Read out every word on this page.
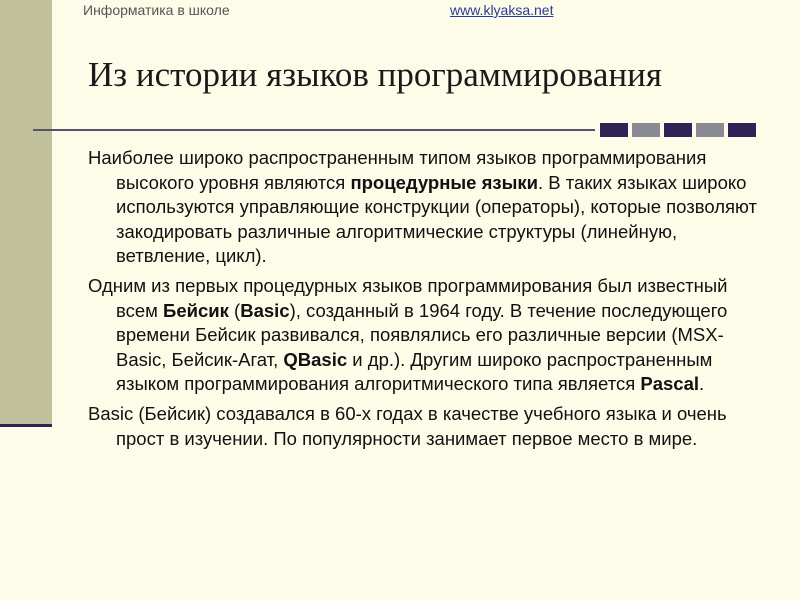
Информатика в школе	www.klyaksa.net
Из истории языков программирования

Наиболее широко распространенным типом языков программирования высокого уровня являются процедурные языки. В таких языках широко используются управляющие конструкции (операторы), которые позволяют закодировать различные алгоритмические структуры (линейную, ветвление, цикл).

Одним из первых процедурных языков программирования был известный всем Бейсик (Basic), созданный в 1964 году. В течение последующего времени Бейсик развивался, появлялись его различные версии (MSX-Basic, Бейсик-Агат, QBasic и др.). Другим широко распространенным языком программирования алгоритмического типа является Pascal.

Basic (Бейсик) создавался в 60-х годах в качестве учебного языка и очень прост в изучении. По популярности занимает первое место в мире.
